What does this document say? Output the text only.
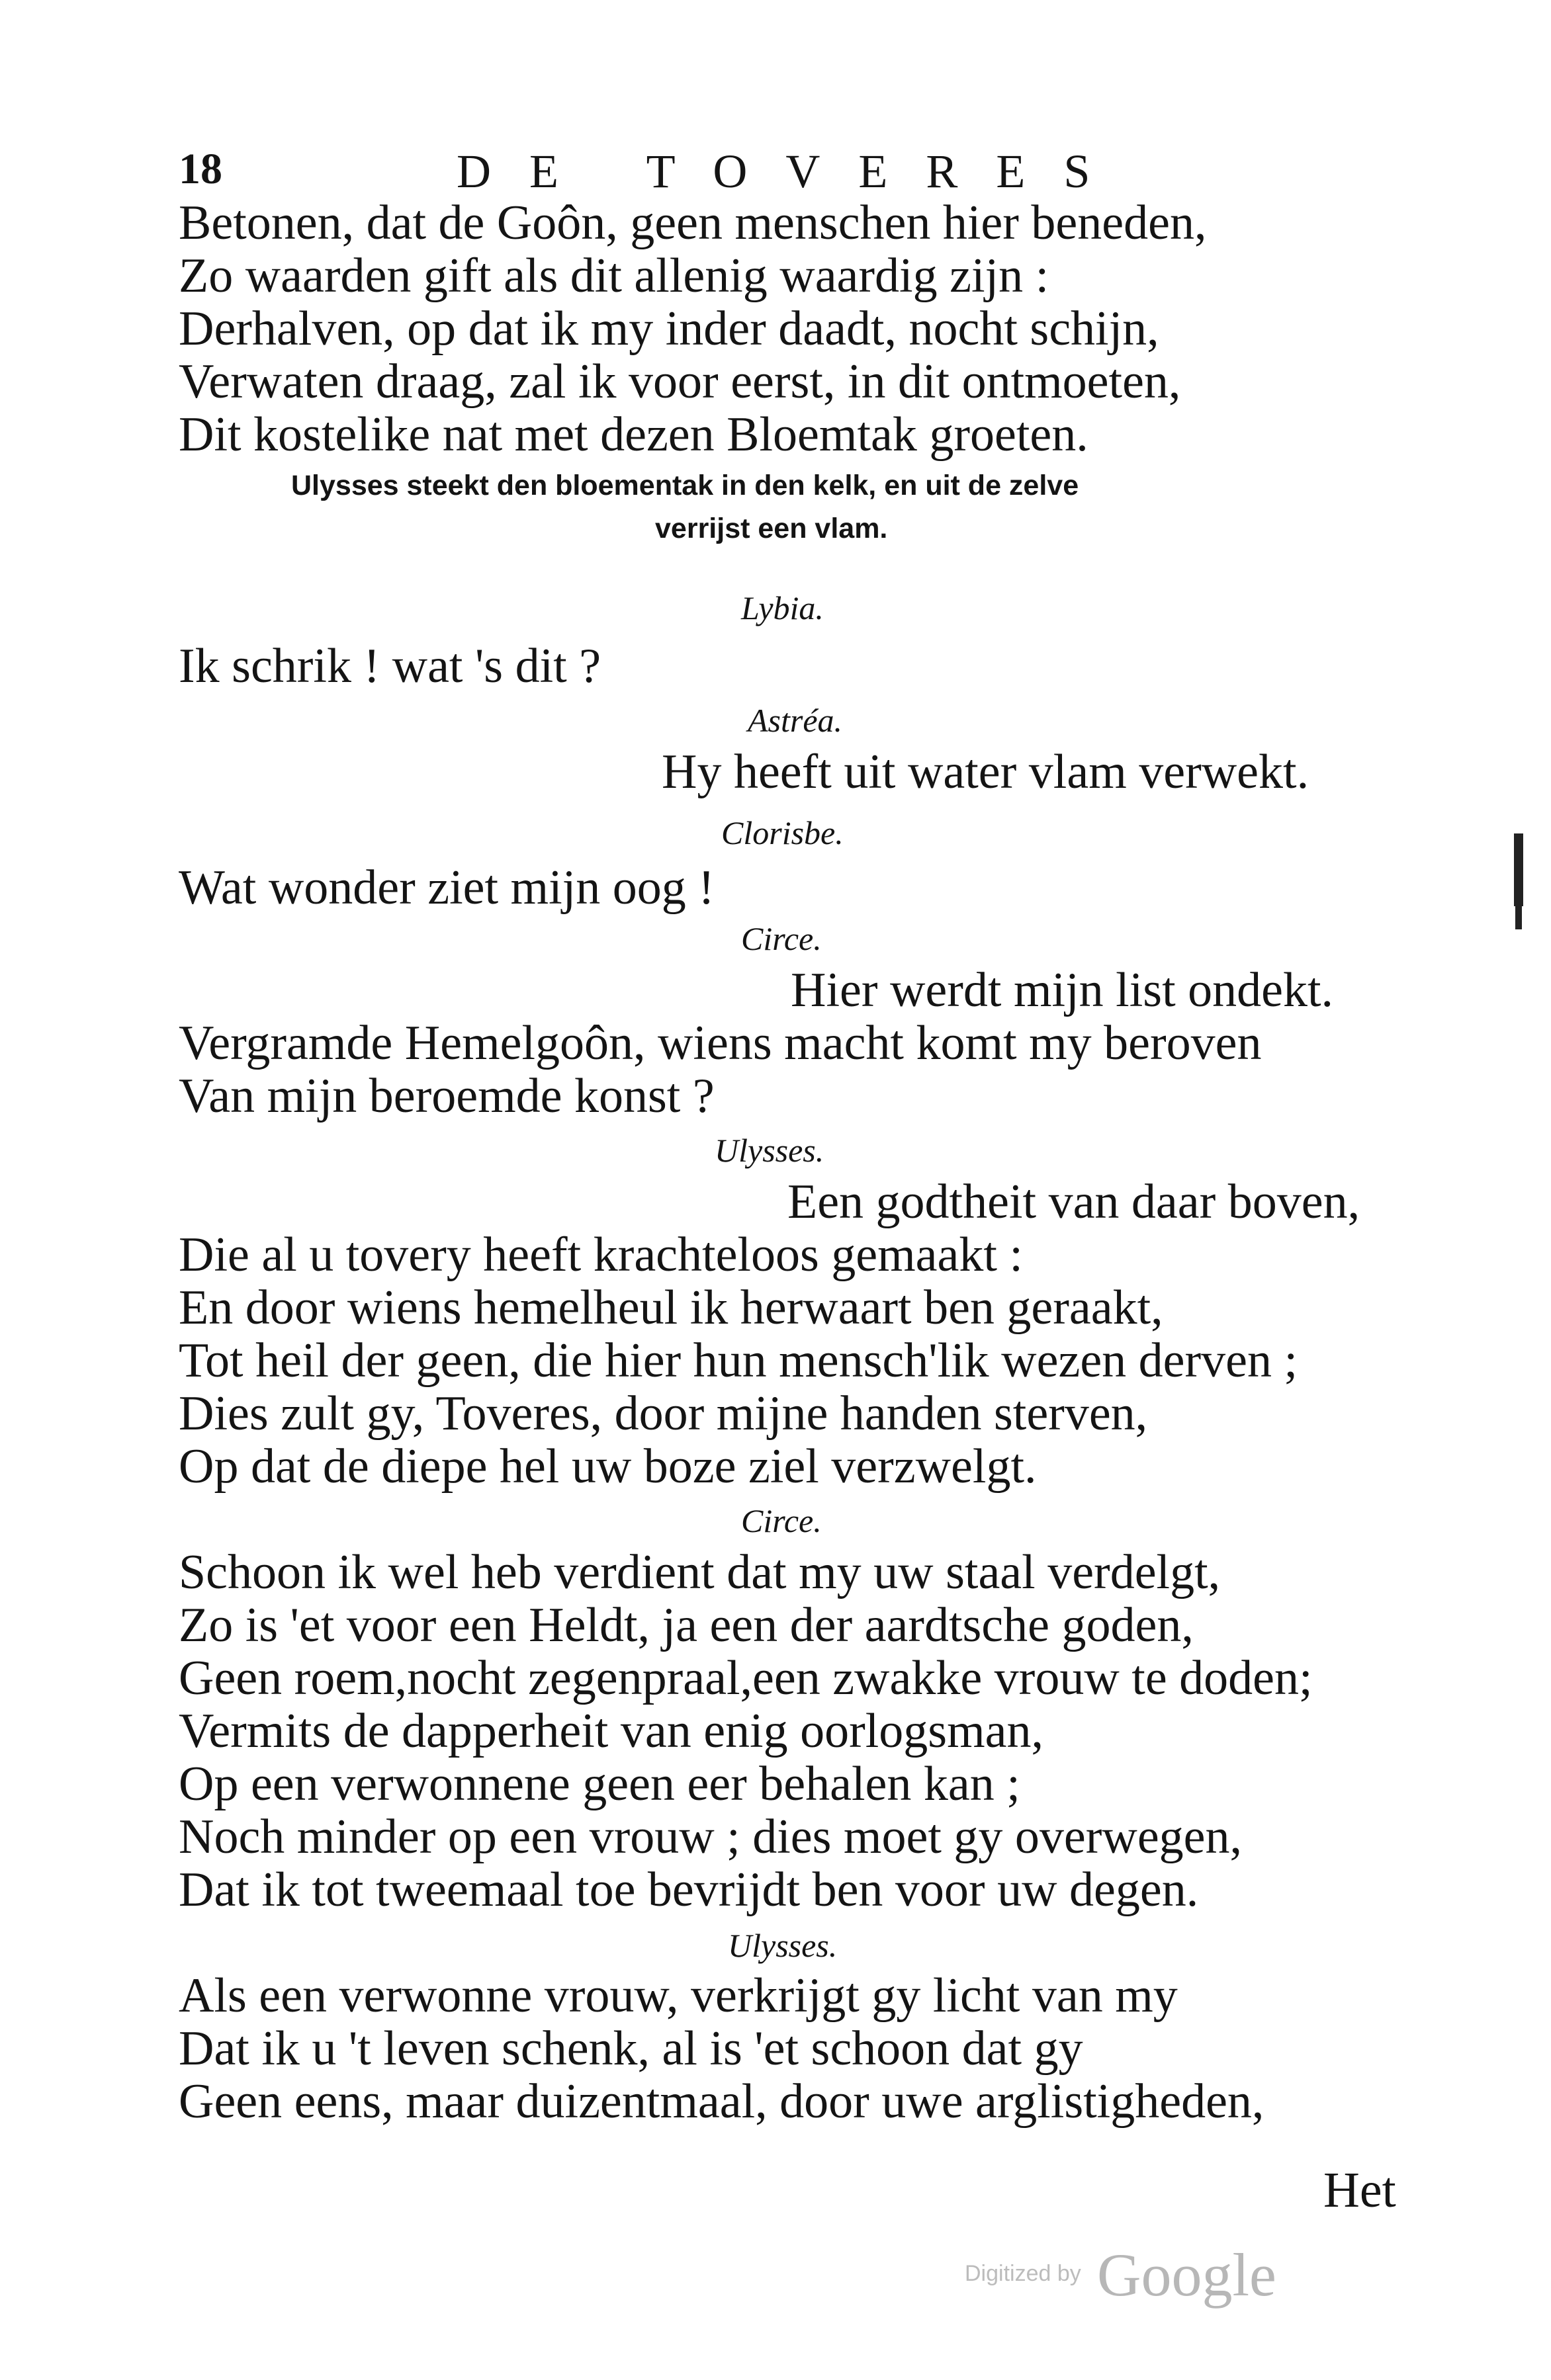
18	DE TOVERES
Betonen, dat de Goôn, geen menschen hier beneden,
Zo waarden gift als dit allenig waardig zijn :
Derhalven, op dat ik my inder daadt, nocht schijn,
Verwaten draag, zal ik voor eerst, in dit ontmoeten,
Dit kostelike nat met dezen Bloemtak groeten.
Ulysses steekt den bloementak in den kelk, en uit de zelve
verrijst een vlam.
Lybia.
Ik schrik ! wat 's dit ?
Astréa.
Hy heeft uit water vlam verwekt.
Clorisbe.
Wat wonder ziet mijn oog !
Circe.
Hier werdt mijn list ondekt.
Vergramde Hemelgoôn, wiens macht komt my beroven
Van mijn beroemde konst ?
Ulysses.
Een godtheit van daar boven,
Die al u tovery heeft krachteloos gemaakt :
En door wiens hemelheul ik herwaart ben geraakt,
Tot heil der geen, die hier hun mensch'lik wezen derven ;
Dies zult gy, Toveres, door mijne handen sterven,
Op dat de diepe hel uw boze ziel verzwelgt.
Circe.
Schoon ik wel heb verdient dat my uw staal verdelgt,
Zo is 'et voor een Heldt, ja een der aardtsche goden,
Geen roem,nocht zegenpraal,een zwakke vrouw te doden;
Vermits de dapperheit van enig oorlogsman,
Op een verwonnene geen eer behalen kan ;
Noch minder op een vrouw ; dies moet gy overwegen,
Dat ik tot tweemaal toe bevrijdt ben voor uw degen.
Ulysses.
Als een verwonne vrouw, verkrijgt gy licht van my
Dat ik u 't leven schenk, al is 'et schoon dat gy
Geen eens, maar duizentmaal, door uwe arglistigheden,
Het
Digitized by Google
